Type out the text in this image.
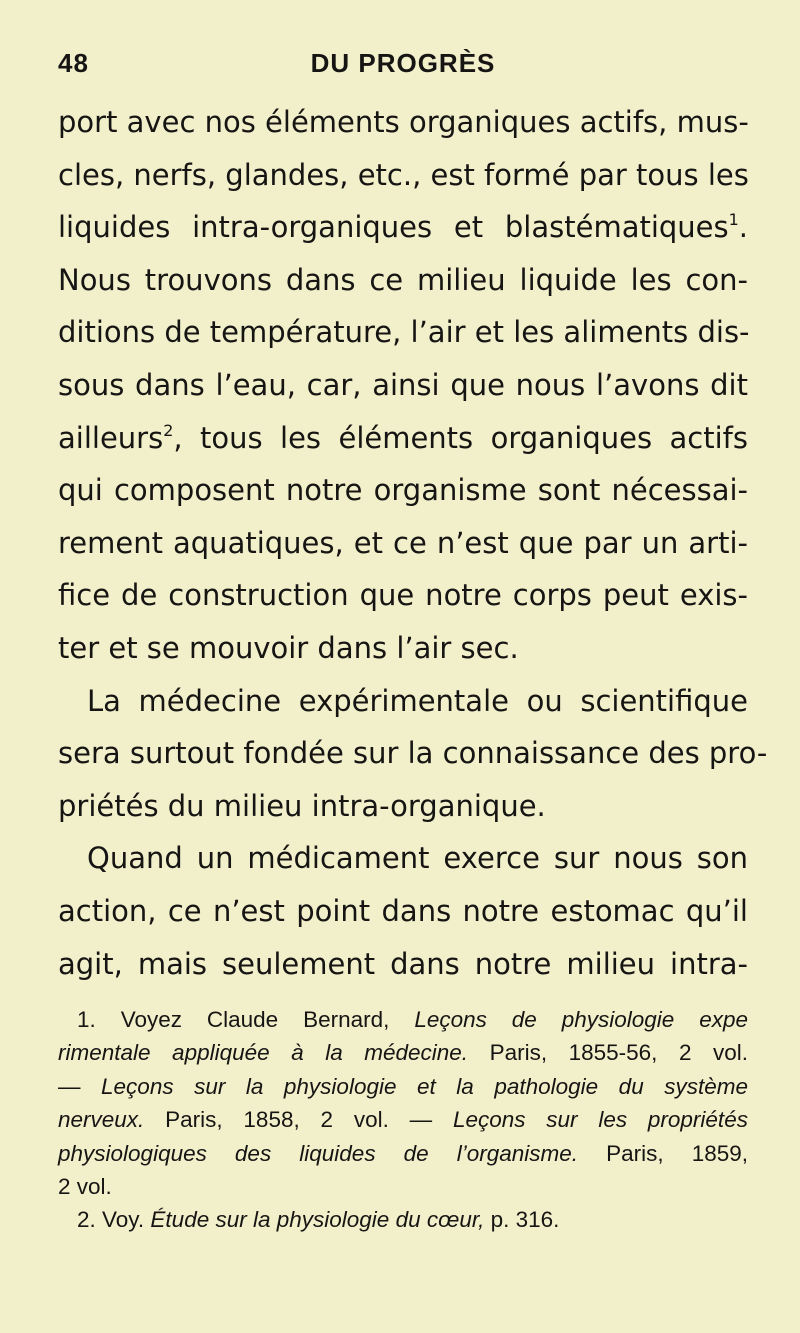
48	DU PROGRÈS
port avec nos éléments organiques actifs, mus-
cles, nerfs, glandes, etc., est formé par tous les
liquides intra-organiques et blastématiques$^1$.
Nous trouvons dans ce milieu liquide les con-
ditions de température, l’air et les aliments dis-
sous dans l’eau, car, ainsi que nous l’avons dit
ailleurs$^2$, tous les éléments organiques actifs
qui composent notre organisme sont nécessai-
rement aquatiques, et ce n’est que par un arti-
fice de construction que notre corps peut exis-
ter et se mouvoir dans l’air sec.
La médecine expérimentale ou scientifique
sera surtout fondée sur la connaissance des pro-
priétés du milieu intra-organique.
Quand un médicament exerce sur nous son
action, ce n’est point dans notre estomac qu’il
agit, mais seulement dans notre milieu intra-
1. Voyez Claude Bernard, Leçons de physiologie expe
rimentale appliquée à la médecine. Paris, 1855-56, 2 vol.
— Leçons sur la physiologie et la pathologie du système
nerveux. Paris, 1858, 2 vol. — Leçons sur les propriétés
physiologiques des liquides de l’organisme. Paris, 1859,
2 vol.
2. Voy. Étude sur la physiologie du cœur, p. 316.
